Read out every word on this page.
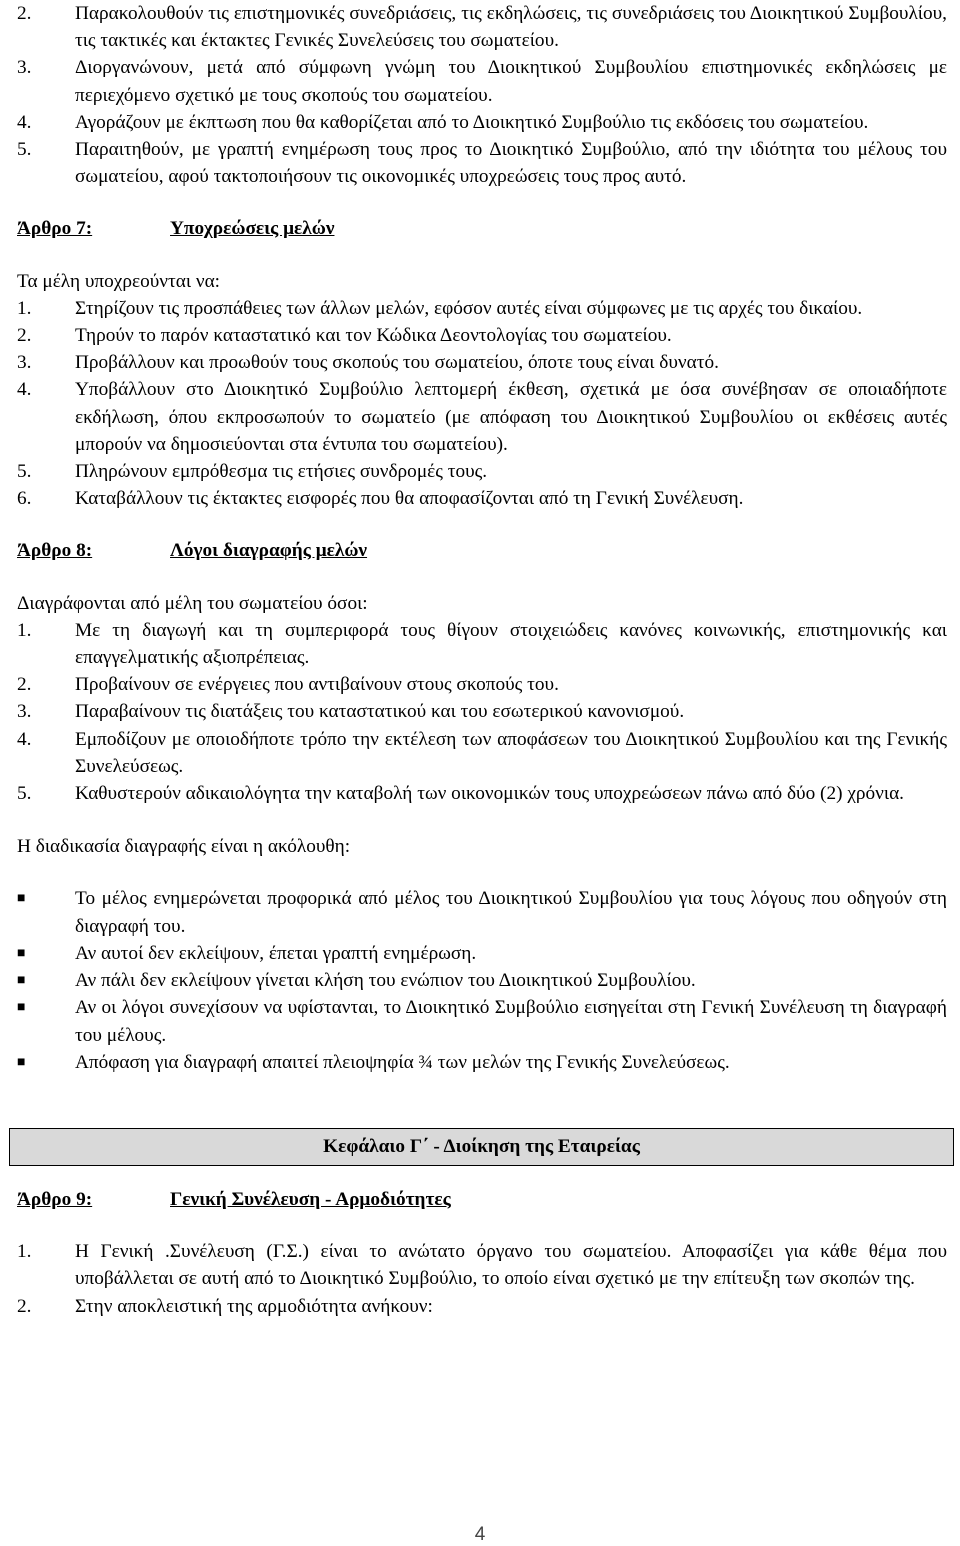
2.	Παρακολουθούν τις επιστημονικές συνεδριάσεις, τις εκδηλώσεις, τις συνεδριάσεις του Διοικητικού Συμβουλίου, τις τακτικές και έκτακτες Γενικές Συνελεύσεις του σωματείου.
3.	Διοργανώνουν, μετά από σύμφωνη γνώμη του Διοικητικού Συμβουλίου επιστημονικές εκδηλώσεις με περιεχόμενο σχετικό με τους σκοπούς του σωματείου.
4.	Αγοράζουν με έκπτωση που θα καθορίζεται από το Διοικητικό Συμβούλιο τις εκδόσεις του σωματείου.
5.	Παραιτηθούν, με γραπτή ενημέρωση τους προς το Διοικητικό Συμβούλιο, από την ιδιότητα του μέλους του σωματείου, αφού τακτοποιήσουν τις οικονομικές υποχρεώσεις τους προς αυτό.
Άρθρο 7:	Υποχρεώσεις μελών
Τα μέλη υποχρεούνται να:
1.	Στηρίζουν τις προσπάθειες των άλλων μελών, εφόσον αυτές είναι σύμφωνες με τις αρχές του δικαίου.
2.	Τηρούν το παρόν καταστατικό και τον Κώδικα Δεοντολογίας του σωματείου.
3.	Προβάλλουν και προωθούν τους σκοπούς του σωματείου, όποτε τους είναι δυνατό.
4.	Υποβάλλουν στο Διοικητικό Συμβούλιο λεπτομερή έκθεση, σχετικά με όσα συνέβησαν σε οποιαδήποτε εκδήλωση, όπου εκπροσωπούν το σωματείο (με απόφαση του Διοικητικού Συμβουλίου οι εκθέσεις αυτές μπορούν να δημοσιεύονται στα έντυπα του σωματείου).
5.	Πληρώνουν εμπρόθεσμα τις ετήσιες συνδρομές τους.
6.	Καταβάλλουν τις έκτακτες εισφορές που θα αποφασίζονται από τη Γενική Συνέλευση.
Άρθρο 8:	Λόγοι διαγραφής μελών
Διαγράφονται από μέλη του σωματείου όσοι:
1.	Με τη διαγωγή και τη συμπεριφορά τους θίγουν στοιχειώδεις κανόνες κοινωνικής, επιστημονικής και επαγγελματικής αξιοπρέπειας.
2.	Προβαίνουν σε ενέργειες που αντιβαίνουν στους σκοπούς του.
3.	Παραβαίνουν τις διατάξεις του καταστατικού και του εσωτερικού κανονισμού.
4.	Εμποδίζουν με οποιοδήποτε τρόπο την εκτέλεση των αποφάσεων του Διοικητικού Συμβουλίου και της Γενικής Συνελεύσεως.
5.	Καθυστερούν αδικαιολόγητα την καταβολή των οικονομικών τους υποχρεώσεων πάνω από δύο (2) χρόνια.
Η διαδικασία διαγραφής είναι η ακόλουθη:
■	Το μέλος ενημερώνεται προφορικά από μέλος του Διοικητικού Συμβουλίου για τους λόγους που οδηγούν στη διαγραφή του.
■	Αν αυτοί δεν εκλείψουν, έπεται γραπτή ενημέρωση.
■	Αν πάλι δεν εκλείψουν γίνεται κλήση του ενώπιον του Διοικητικού Συμβουλίου.
■	Αν οι λόγοι συνεχίσουν να υφίστανται, το Διοικητικό Συμβούλιο εισηγείται στη Γενική Συνέλευση τη διαγραφή του μέλους.
■	Απόφαση για διαγραφή απαιτεί πλειοψηφία ¾ των μελών της Γενικής Συνελεύσεως.
Κεφάλαιο Γ΄ - Διοίκηση της Εταιρείας
Άρθρο 9:	Γενική Συνέλευση - Αρμοδιότητες
1.	Η Γενική .Συνέλευση (Γ.Σ.) είναι το ανώτατο όργανο του σωματείου. Αποφασίζει για κάθε θέμα που υποβάλλεται σε αυτή από το Διοικητικό Συμβούλιο, το οποίο είναι σχετικό με την επίτευξη των σκοπών της.
2.	Στην αποκλειστική της αρμοδιότητα ανήκουν:
4
